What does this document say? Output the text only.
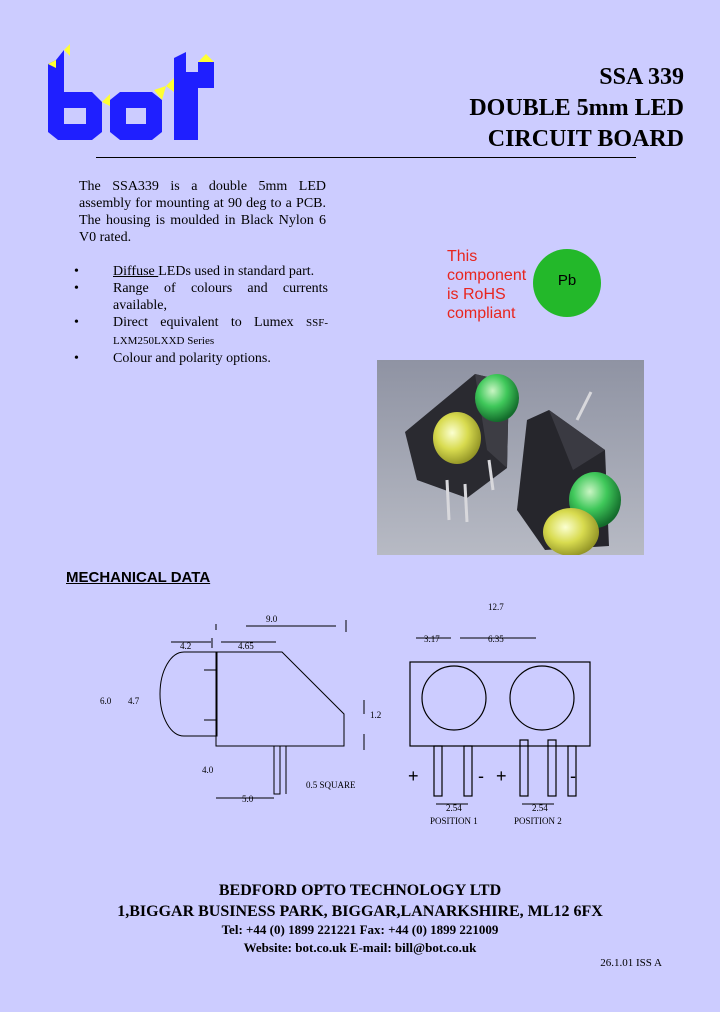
SSA 339
DOUBLE 5mm LED
CIRCUIT BOARD
The SSA339 is a double 5mm LED assembly for mounting at 90 deg to a PCB. The housing is moulded in Black Nylon 6 V0 rated.
• Diffuse LEDs used in standard part.
• Range of colours and currents available,
• Direct equivalent to Lumex SSF-LXM250LXXD Series
• Colour and polarity options.
This
component
is RoHS
compliant
Pb
MECHANICAL DATA
9.0
4.2	4.65
6.0 4.7
1.2
4.0
5.0
0.5 SQUARE
12.7
3.17	6.35
2.54	2.54
POSITION 1	POSITION 2
+	- +	-
BEDFORD OPTO TECHNOLOGY LTD
1,BIGGAR BUSINESS PARK, BIGGAR,LANARKSHIRE, ML12 6FX
Tel: +44 (0) 1899 221221 Fax: +44 (0) 1899 221009
Website: bot.co.uk E-mail: bill@bot.co.uk
26.1.01 ISS A
